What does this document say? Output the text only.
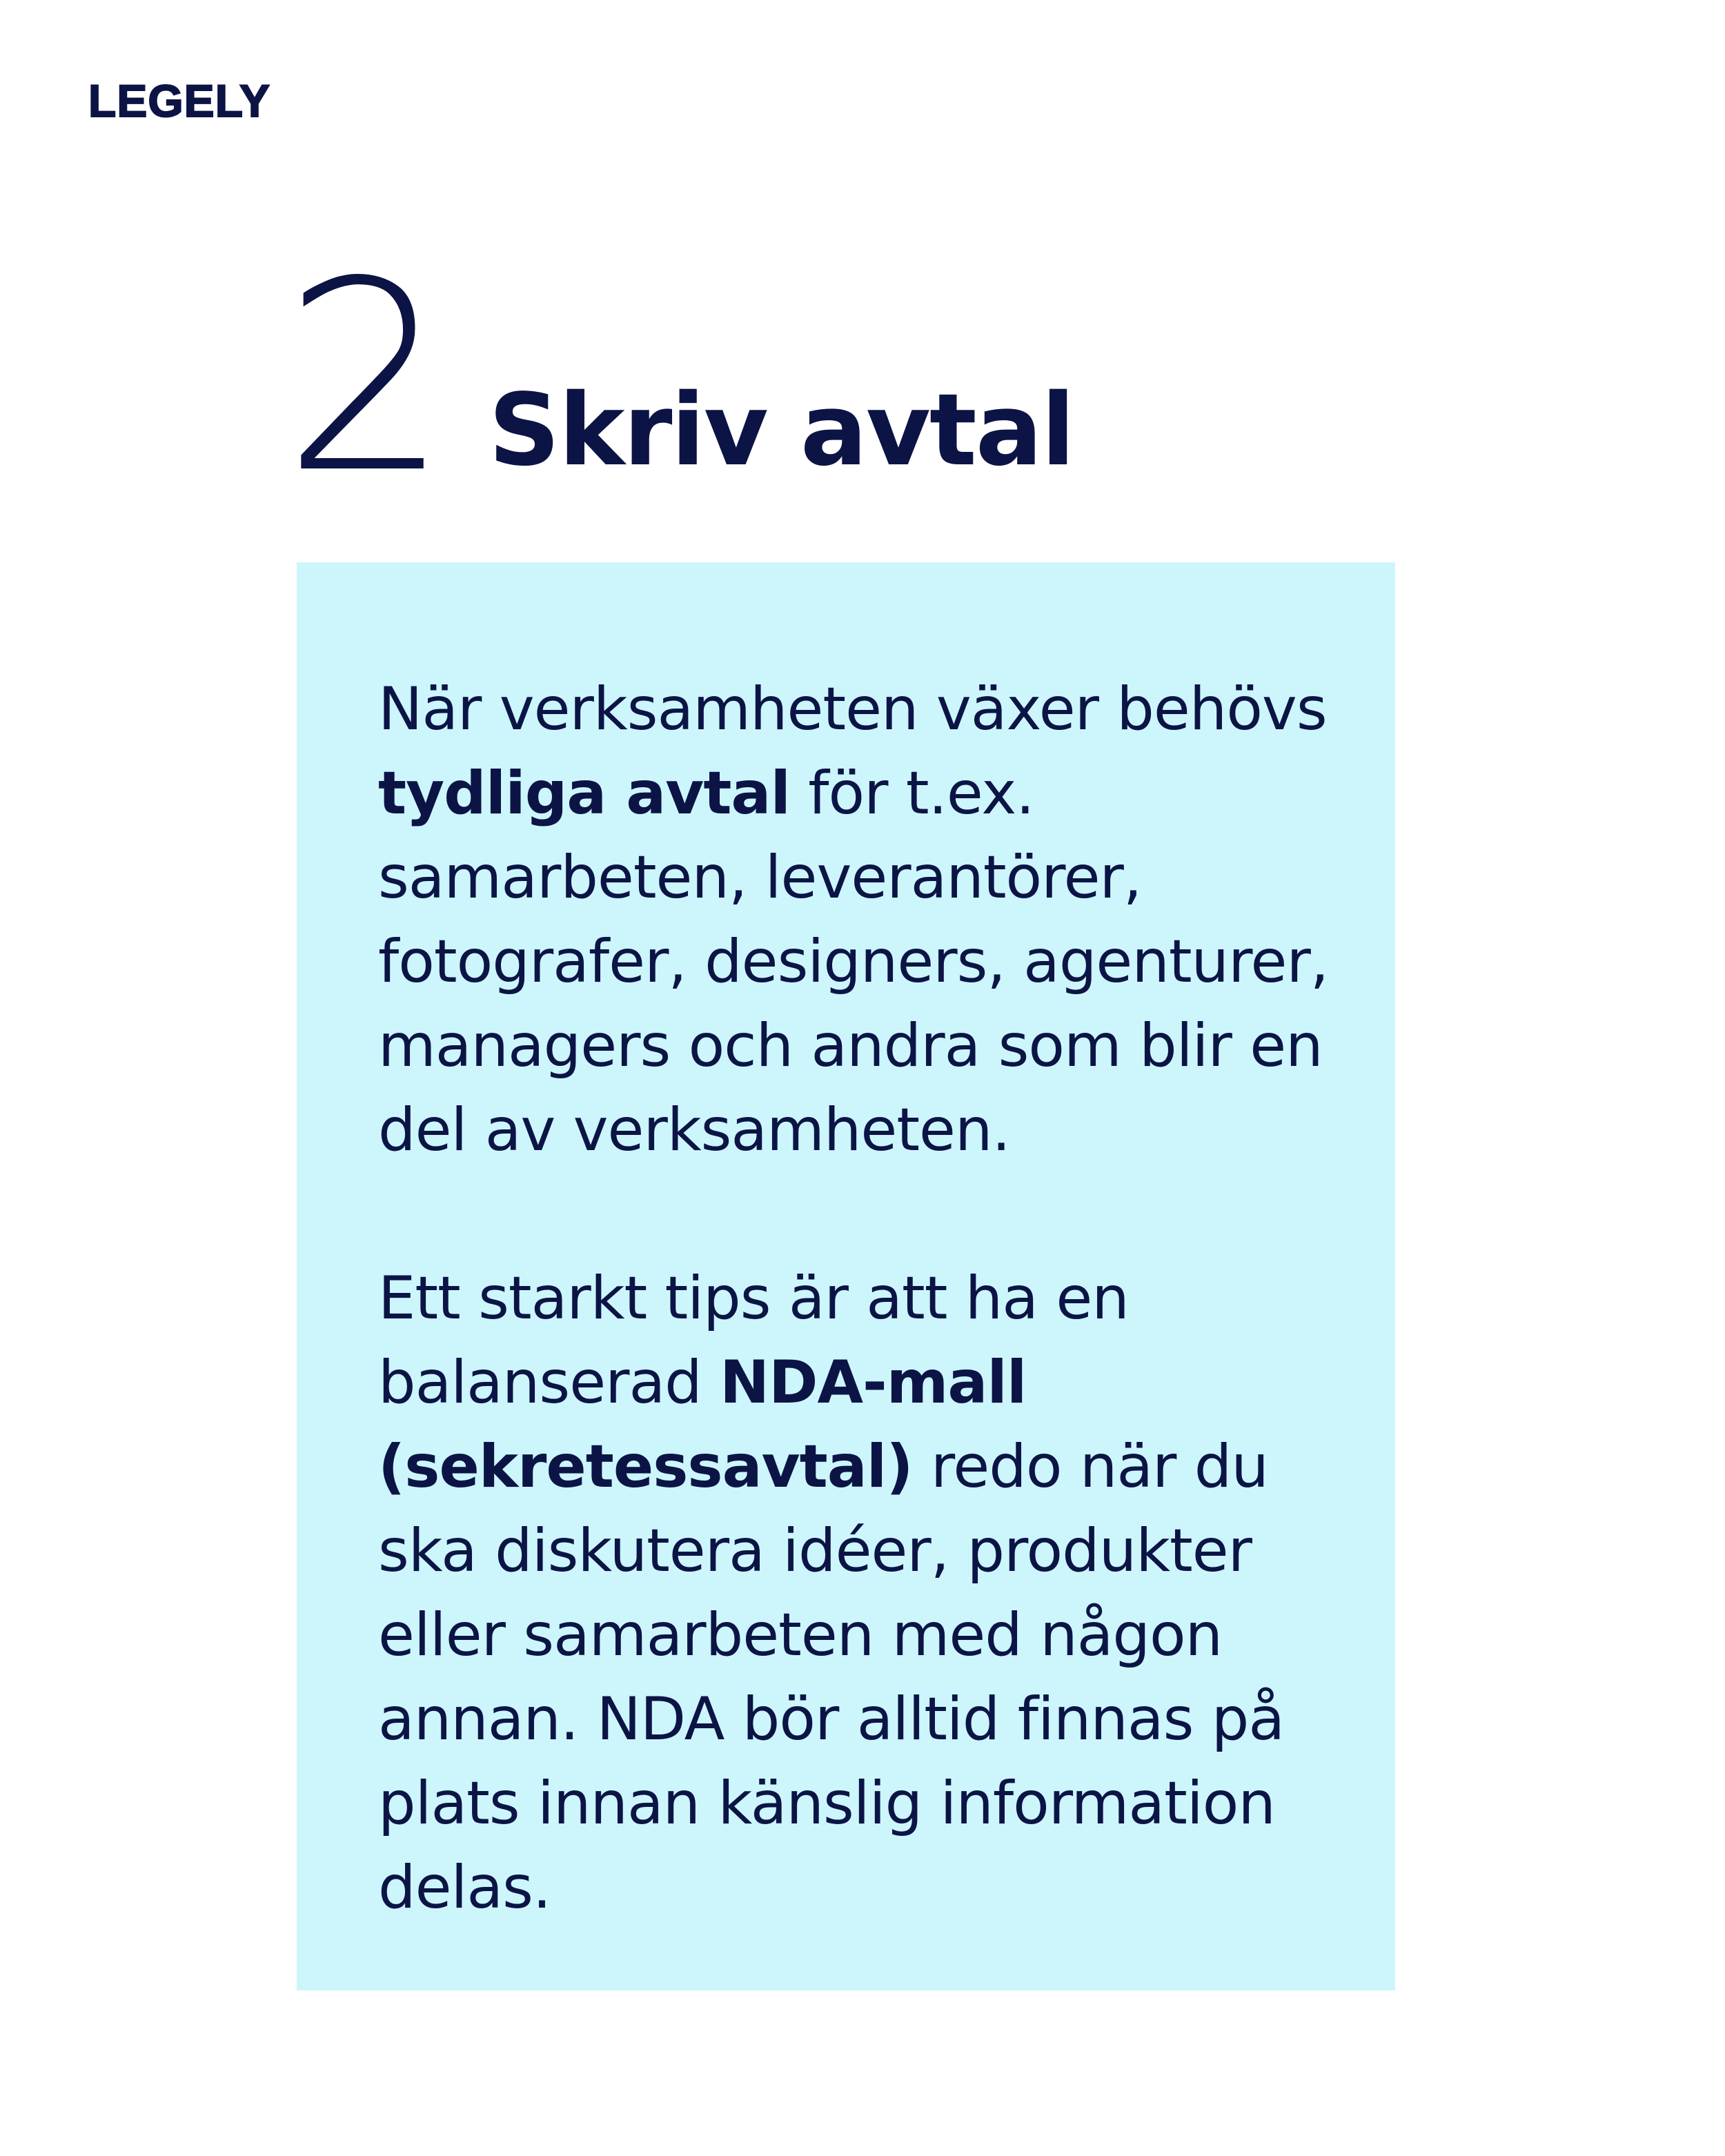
LEGELY
2 Skriv avtal

När verksamheten växer behövs
tydliga avtal för t.ex.
samarbeten, leverantörer,
fotografer, designers, agenturer,
managers och andra som blir en
del av verksamheten.

Ett starkt tips är att ha en
balanserad NDA-mall
(sekretessavtal) redo när du
ska diskutera idéer, produkter
eller samarbeten med någon
annan. NDA bör alltid finnas på
plats innan känslig information
delas.
